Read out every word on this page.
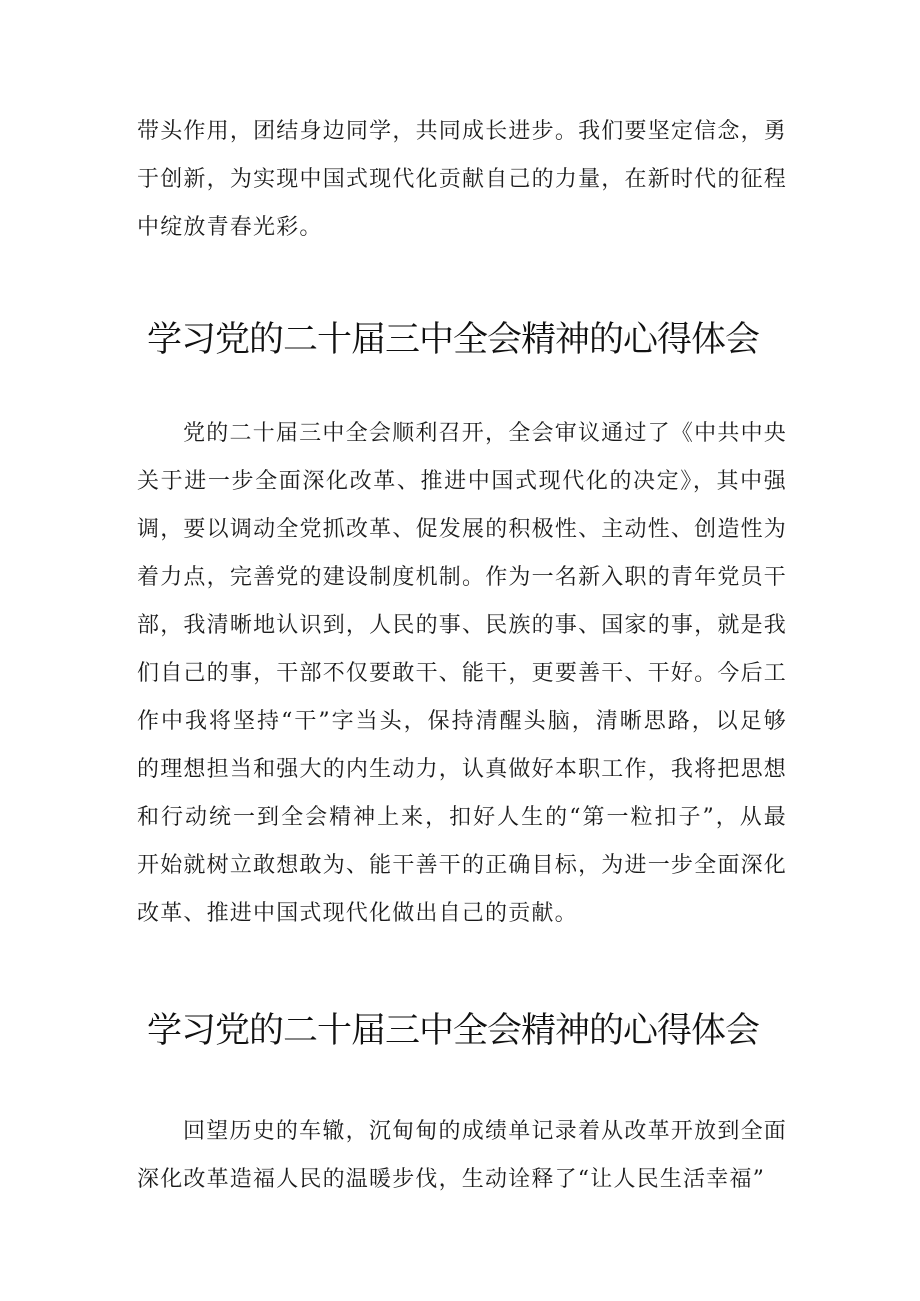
带头作用，团结身边同学，共同成长进步。我们要坚定信念，勇于创新，为实现中国式现代化贡献自己的力量，在新时代的征程中绽放青春光彩。

学习党的二十届三中全会精神的心得体会

党的二十届三中全会顺利召开，全会审议通过了《中共中央关于进一步全面深化改革、推进中国式现代化的决定》，其中强调，要以调动全党抓改革、促发展的积极性、主动性、创造性为着力点，完善党的建设制度机制。作为一名新入职的青年党员干部，我清晰地认识到，人民的事、民族的事、国家的事，就是我们自己的事，干部不仅要敢干、能干，更要善干、干好。今后工作中我将坚持“干”字当头，保持清醒头脑，清晰思路，以足够的理想担当和强大的内生动力，认真做好本职工作，我将把思想和行动统一到全会精神上来，扣好人生的“第一粒扣子”，从最开始就树立敢想敢为、能干善干的正确目标，为进一步全面深化改革、推进中国式现代化做出自己的贡献。

学习党的二十届三中全会精神的心得体会

回望历史的车辙，沉甸甸的成绩单记录着从改革开放到全面深化改革造福人民的温暖步伐，生动诠释了“让人民生活幸福”
